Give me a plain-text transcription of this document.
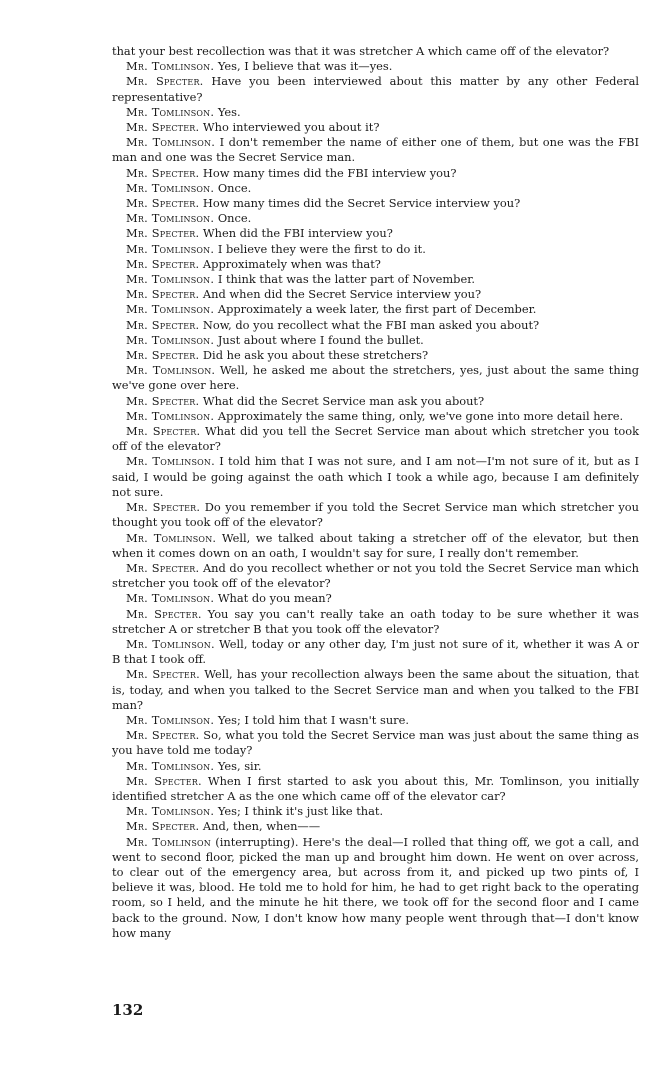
that your best recollection was that it was stretcher A which came off of the elevator?

Mr. Tomlinson. Yes, I believe that was it—yes.

Mr. Specter. Have you been interviewed about this matter by any other Federal representative?

Mr. Tomlinson. Yes.

Mr. Specter. Who interviewed you about it?

Mr. Tomlinson. I don't remember the name of either one of them, but one was the FBI man and one was the Secret Service man.

Mr. Specter. How many times did the FBI interview you?

Mr. Tomlinson. Once.

Mr. Specter. How many times did the Secret Service interview you?

Mr. Tomlinson. Once.

Mr. Specter. When did the FBI interview you?

Mr. Tomlinson. I believe they were the first to do it.

Mr. Specter. Approximately when was that?

Mr. Tomlinson. I think that was the latter part of November.

Mr. Specter. And when did the Secret Service interview you?

Mr. Tomlinson. Approximately a week later, the first part of December.

Mr. Specter. Now, do you recollect what the FBI man asked you about?

Mr. Tomlinson. Just about where I found the bullet.

Mr. Specter. Did he ask you about these stretchers?

Mr. Tomlinson. Well, he asked me about the stretchers, yes, just about the same thing we've gone over here.

Mr. Specter. What did the Secret Service man ask you about?

Mr. Tomlinson. Approximately the same thing, only, we've gone into more detail here.

Mr. Specter. What did you tell the Secret Service man about which stretcher you took off of the elevator?

Mr. Tomlinson. I told him that I was not sure, and I am not—I'm not sure of it, but as I said, I would be going against the oath which I took a while ago, because I am definitely not sure.

Mr. Specter. Do you remember if you told the Secret Service man which stretcher you thought you took off of the elevator?

Mr. Tomlinson. Well, we talked about taking a stretcher off of the elevator, but then when it comes down on an oath, I wouldn't say for sure, I really don't remember.

Mr. Specter. And do you recollect whether or not you told the Secret Service man which stretcher you took off of the elevator?

Mr. Tomlinson. What do you mean?

Mr. Specter. You say you can't really take an oath today to be sure whether it was stretcher A or stretcher B that you took off the elevator?

Mr. Tomlinson. Well, today or any other day, I'm just not sure of it, whether it was A or B that I took off.

Mr. Specter. Well, has your recollection always been the same about the situation, that is, today, and when you talked to the Secret Service man and when you talked to the FBI man?

Mr. Tomlinson. Yes; I told him that I wasn't sure.

Mr. Specter. So, what you told the Secret Service man was just about the same thing as you have told me today?

Mr. Tomlinson. Yes, sir.

Mr. Specter. When I first started to ask you about this, Mr. Tomlinson, you initially identified stretcher A as the one which came off of the elevator car?

Mr. Tomlinson. Yes; I think it's just like that.

Mr. Specter. And, then, when——

Mr. Tomlinson (interrupting). Here's the deal—I rolled that thing off, we got a call, and went to second floor, picked the man up and brought him down. He went on over across, to clear out of the emergency area, but across from it, and picked up two pints of, I believe it was, blood. He told me to hold for him, he had to get right back to the operating room, so I held, and the minute he hit there, we took off for the second floor and I came back to the ground. Now, I don't know how many people went through that—I don't know how many

132
